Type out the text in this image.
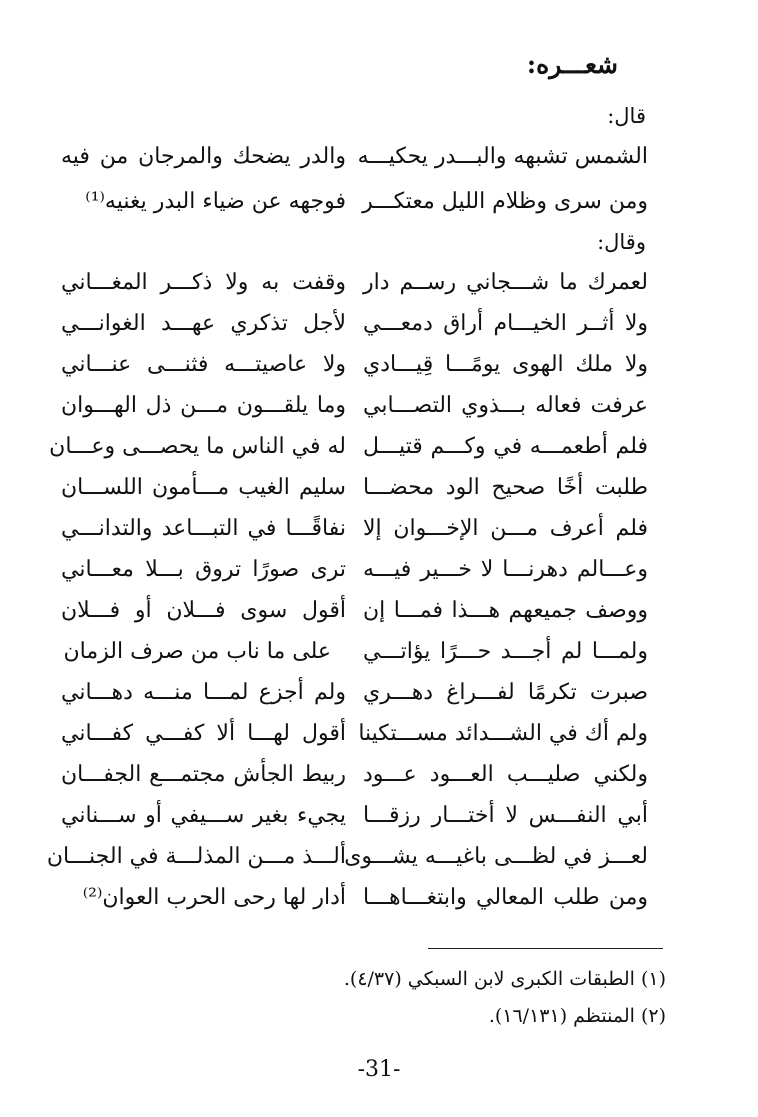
شعـــره:
قال:
الشمس تشبهه والبـــدر يحكيـــه
والدر يضحك والمرجان من فيه
ومن سرى وظلام الليل معتكـــر
فوجهه عن ضياء البدر يغنيه⁽¹⁾
وقال:
لعمرك ما شـــجاني رســم دار
وقفت به ولا ذكـــر المغـــاني
ولا أثــر الخيـــام أراق دمعـــي
لأجل تذكري عهـــد الغوانـــي
ولا ملك الهوى يومًـــا قِيـــادي
ولا عاصيتـــه فثنـــى عنـــاني
عرفت فعاله بـــذوي التصـــابي
وما يلقـــون مـــن ذل الهـــوان
فلم أطعمـــه في وكـــم قتيـــل
له في الناس ما يحصـــى وعـــان
طلبت أخًا صحيح الود محضـــا
سليم الغيب مـــأمون اللســـان
فلم أعرف مـــن الإخـــوان إلا
نفاقًـــا في التبـــاعد والتدانـــي
وعـــالم دهرنـــا لا خـــير فيـــه
ترى صورًا تروق بـــلا معـــاني
ووصف جميعهم هـــذا فمـــا إن
أقول سوى فـــلان أو فـــلان
ولمـــا لم أجـــد حـــرًا يؤاتـــي
على ما ناب من صرف الزمان
صبرت تكرمًا لفـــراغ دهـــري
ولم أجزع لمـــا منـــه دهـــاني
ولم أك في الشـــدائد مســـتكينا
أقول لهـــا ألا كفـــي كفـــاني
ولكني صليـــب العـــود عـــود
ربيط الجأش مجتمـــع الجفـــان
أبي النفـــس لا أختـــار رزقـــا
يجيء بغير ســـيفي أو ســـناني
لعـــز في لظـــى باغيـــه يشـــوى
ألـــذ مـــن المذلـــة في الجنـــان
ومن طلب المعالي وابتغـــاهـــا
أدار لها رحى الحرب العوان⁽²⁾
(١) الطبقات الكبرى لابن السبكي (٤/٣٧).
(٢) المنتظم (١٦/١٣١).
-31-
